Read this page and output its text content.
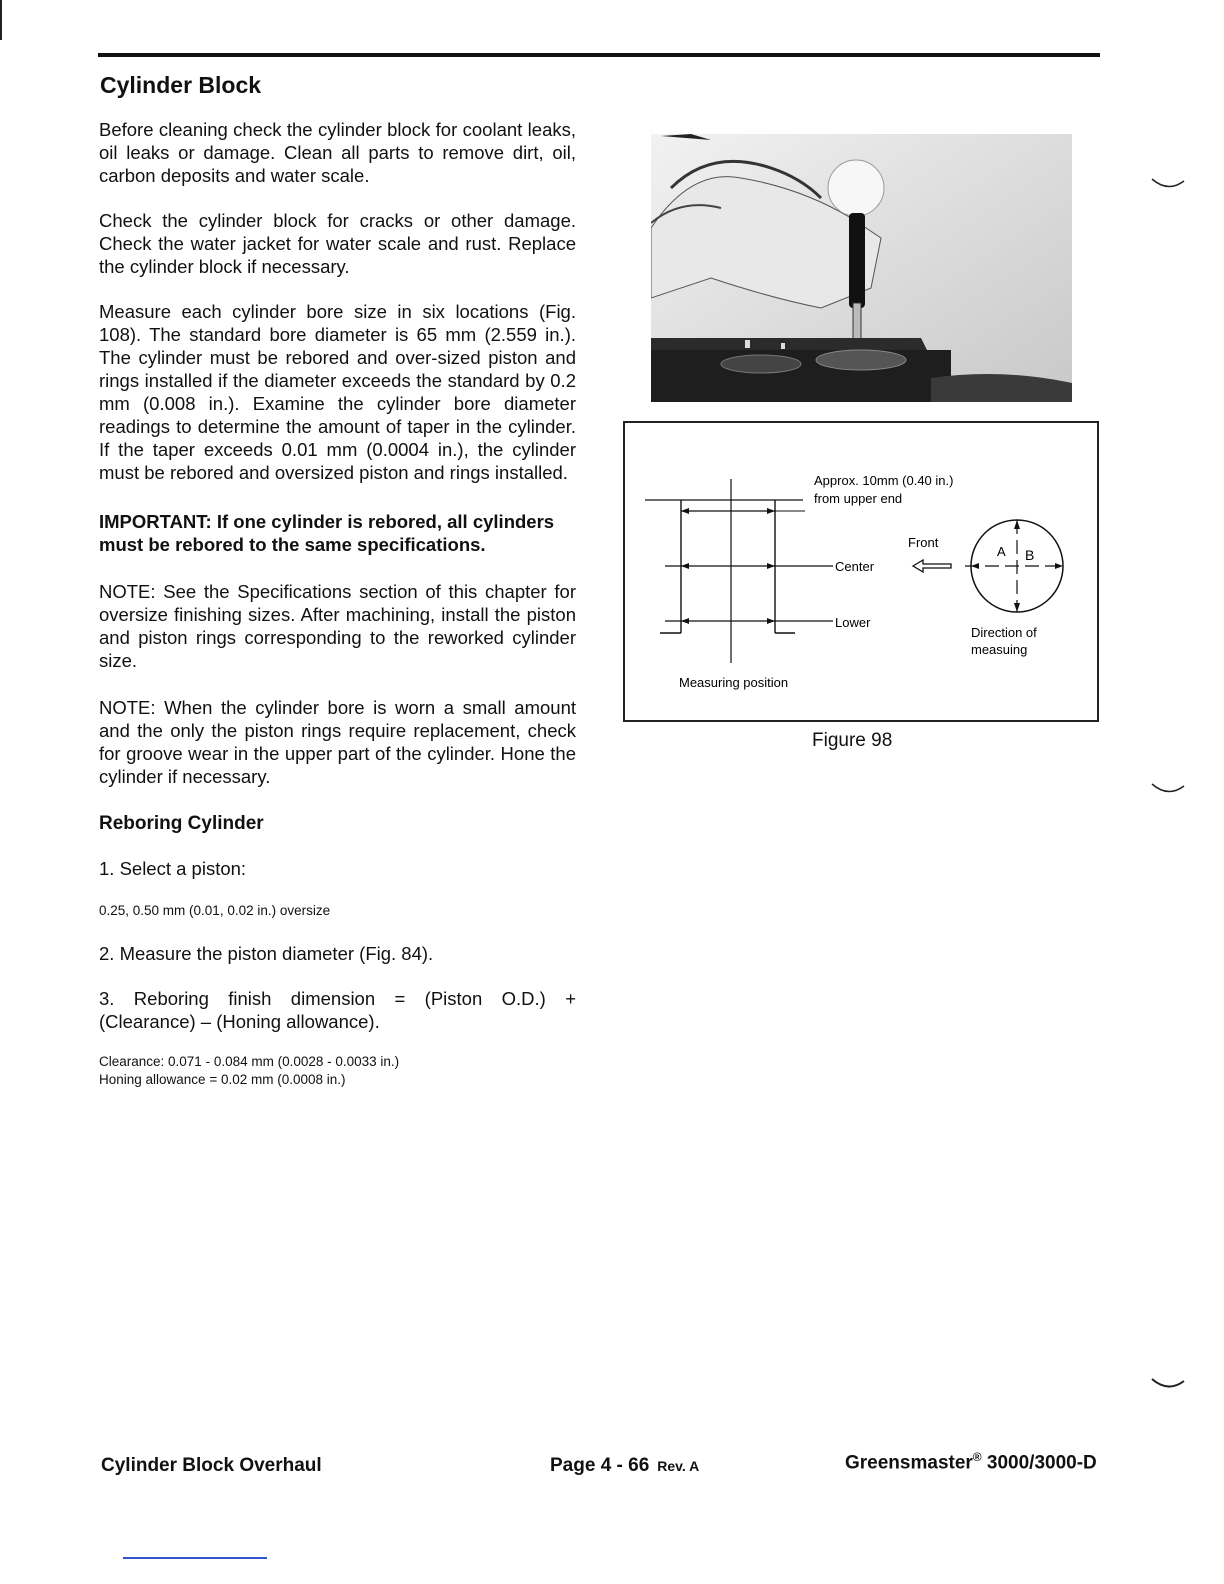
Cylinder Block

Before cleaning check the cylinder block for coolant leaks, oil leaks or damage. Clean all parts to remove dirt, oil, carbon deposits and water scale.

Check the cylinder block for cracks or other damage. Check the water jacket for water scale and rust. Replace the cylinder block if necessary.

Measure each cylinder bore size in six locations (Fig. 108). The standard bore diameter is 65 mm (2.559 in.). The cylinder must be rebored and over-sized piston and rings installed if the diameter exceeds the standard by 0.2 mm (0.008 in.). Examine the cylinder bore diameter readings to determine the amount of taper in the cylinder. If the taper exceeds 0.01 mm (0.0004 in.), the cylinder must be rebored and oversized piston and rings installed.

IMPORTANT: If one cylinder is rebored, all cylinders must be rebored to the same specifications.

NOTE: See the Specifications section of this chapter for oversize finishing sizes. After machining, install the piston and piston rings corresponding to the reworked cylinder size.

NOTE: When the cylinder bore is worn a small amount and the only the piston rings require replacement, check for groove wear in the upper part of the cylinder. Hone the cylinder if necessary.

Reboring Cylinder

1. Select a piston:

0.25, 0.50 mm (0.01, 0.02 in.) oversize

2. Measure the piston diameter (Fig. 84).

3. Reboring finish dimension = (Piston O.D.) + (Clearance) – (Honing allowance).

Clearance: 0.071 - 0.084 mm (0.0028 - 0.0033 in.)
Honing allowance = 0.02 mm (0.0008 in.)

Approx. 10mm (0.40 in.)
from upper end
Center
Lower
Measuring position
Front
A B
Direction of
measuing
Figure 98
Cylinder Block Overhaul	Page 4 - 66 Rev. A	Greensmaster® 3000/3000-D
